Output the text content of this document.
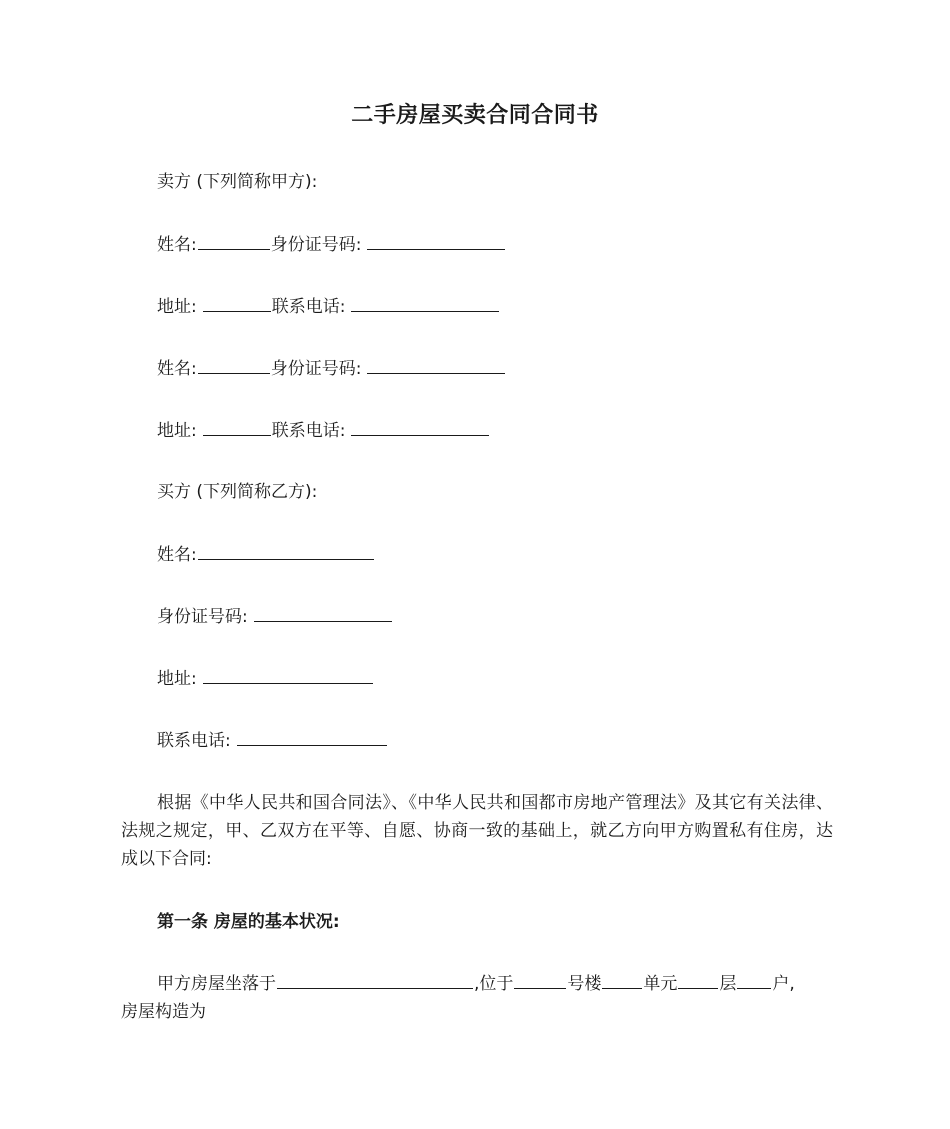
二手房屋买卖合同合同书
卖方 (下列简称甲方):
姓名:	身份证号码:
地址:	联系电话:
姓名:	身份证号码:
地址:	联系电话:
买方 (下列简称乙方):
姓名:
身份证号码:
地址:
联系电话:
根据《中华人民共和国合同法》、《中华人民共和国都市房地产管理法》及其它有关法律、法规之规定，甲、乙双方在平等、自愿、协商一致的基础上，就乙方向甲方购置私有住房，达成以下合同:
第一条 房屋的基本状况:
甲方房屋坐落于	,位于	号楼 单元 层 户,
房屋构造为
